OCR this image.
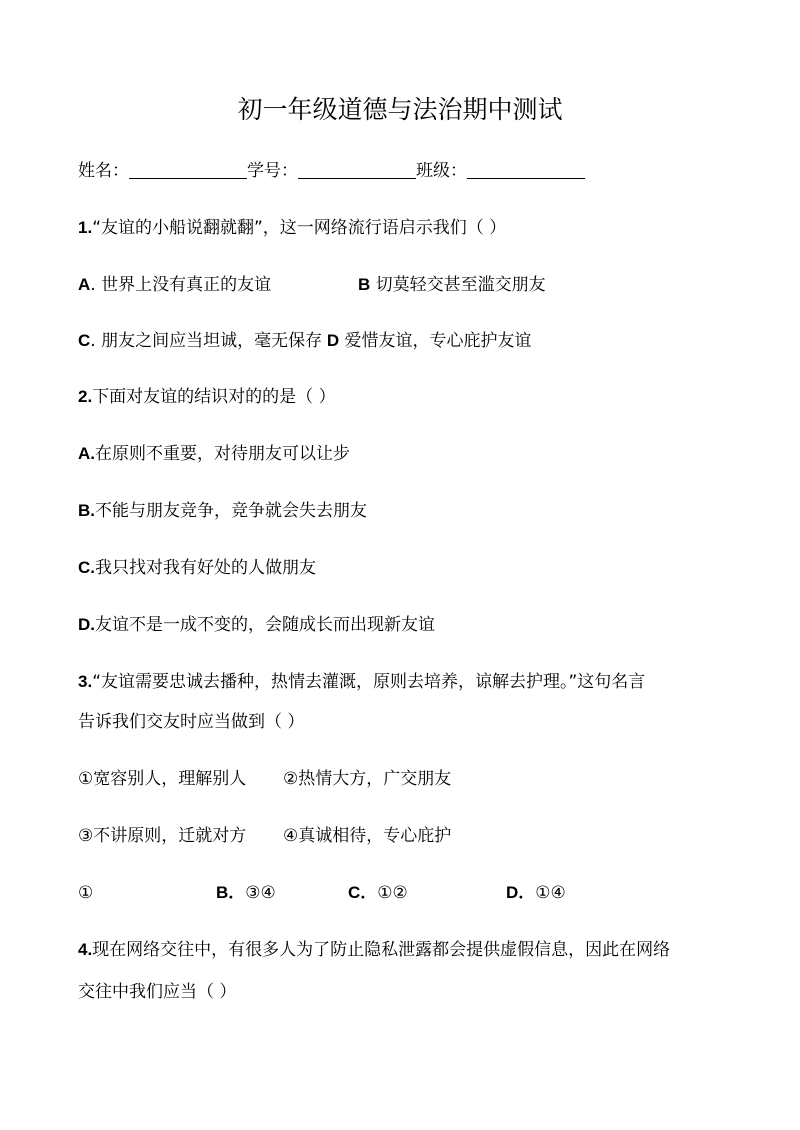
初一年级道德与法治期中测试
姓名：	学号：	班级：
1.“友谊的小船说翻就翻”，这一网络流行语启示我们（ ）
A. 世界上没有真正的友谊	B 切莫轻交甚至滥交朋友
C. 朋友之间应当坦诚，毫无保存 D 爱惜友谊，专心庇护友谊
2.下面对友谊的结识对的的是（ ）
A.在原则不重要，对待朋友可以让步
B.不能与朋友竞争，竞争就会失去朋友
C.我只找对我有好处的人做朋友
D.友谊不是一成不变的，会随成长而出现新友谊
3.“友谊需要忠诚去播种，热情去灌溉，原则去培养，谅解去护理。”这句名言
告诉我们交友时应当做到（ ）
①宽容别人，理解别人 ②热情大方，广交朋友
③不讲原则，迁就对方 ④真诚相待，专心庇护
①	B．③④	C．①②	D．①④
4.现在网络交往中，有很多人为了防止隐私泄露都会提供虚假信息，因此在网络
交往中我们应当（ ）
